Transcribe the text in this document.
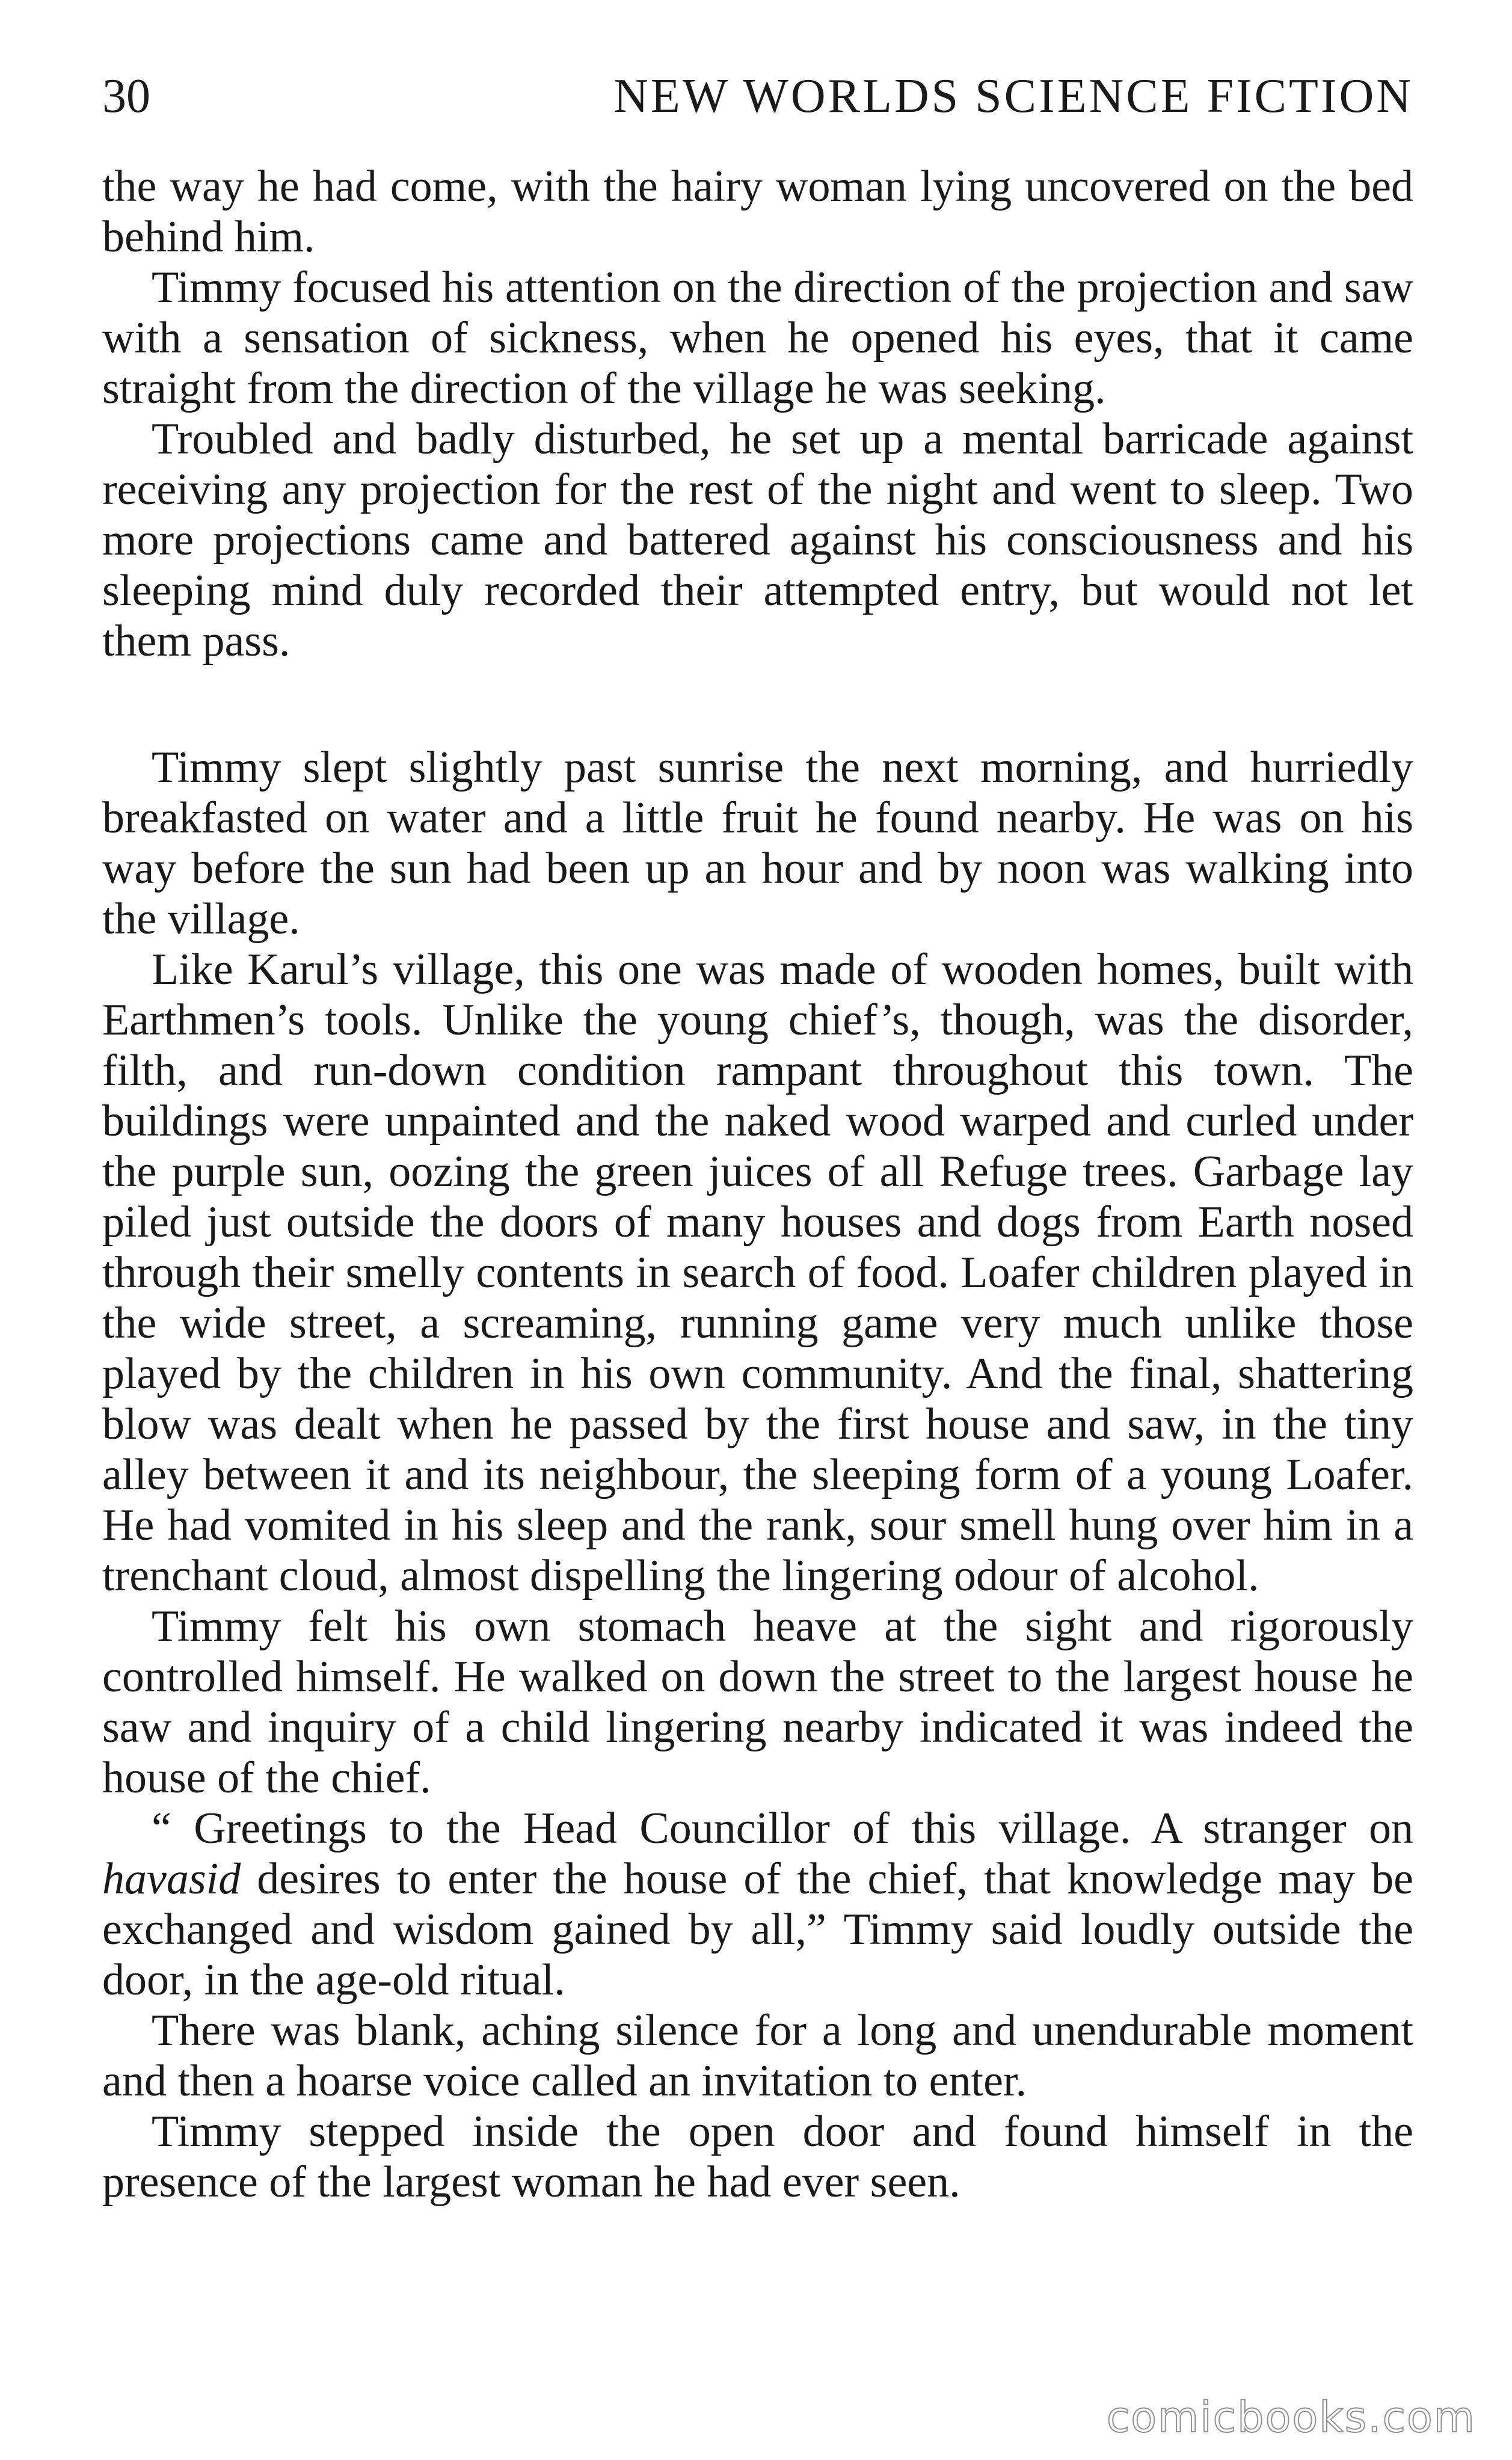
30	NEW WORLDS SCIENCE FICTION

the way he had come, with the hairy woman lying uncovered on the bed behind him.

Timmy focused his attention on the direction of the projection and saw with a sensation of sickness, when he opened his eyes, that it came straight from the direction of the village he was seeking.

Troubled and badly disturbed, he set up a mental barricade against receiving any projection for the rest of the night and went to sleep. Two more projections came and battered against his consciousness and his sleeping mind duly recorded their attempted entry, but would not let them pass.

Timmy slept slightly past sunrise the next morning, and hurriedly breakfasted on water and a little fruit he found nearby. He was on his way before the sun had been up an hour and by noon was walking into the village.

Like Karul’s village, this one was made of wooden homes, built with Earthmen’s tools. Unlike the young chief’s, though, was the disorder, filth, and run-down condition rampant throughout this town. The buildings were unpainted and the naked wood warped and curled under the purple sun, oozing the green juices of all Refuge trees. Garbage lay piled just outside the doors of many houses and dogs from Earth nosed through their smelly contents in search of food. Loafer children played in the wide street, a screaming, running game very much unlike those played by the children in his own community. And the final, shattering blow was dealt when he passed by the first house and saw, in the tiny alley between it and its neighbour, the sleeping form of a young Loafer. He had vomited in his sleep and the rank, sour smell hung over him in a trenchant cloud, almost dispelling the lingering odour of alcohol.

Timmy felt his own stomach heave at the sight and rigorously controlled himself. He walked on down the street to the largest house he saw and inquiry of a child lingering nearby indicated it was indeed the house of the chief.

“ Greetings to the Head Councillor of this village. A stranger on havasid desires to enter the house of the chief, that knowledge may be exchanged and wisdom gained by all,” Timmy said loudly outside the door, in the age-old ritual.

There was blank, aching silence for a long and unendurable moment and then a hoarse voice called an invitation to enter.

Timmy stepped inside the open door and found himself in the presence of the largest woman he had ever seen.

comicbooks.com
